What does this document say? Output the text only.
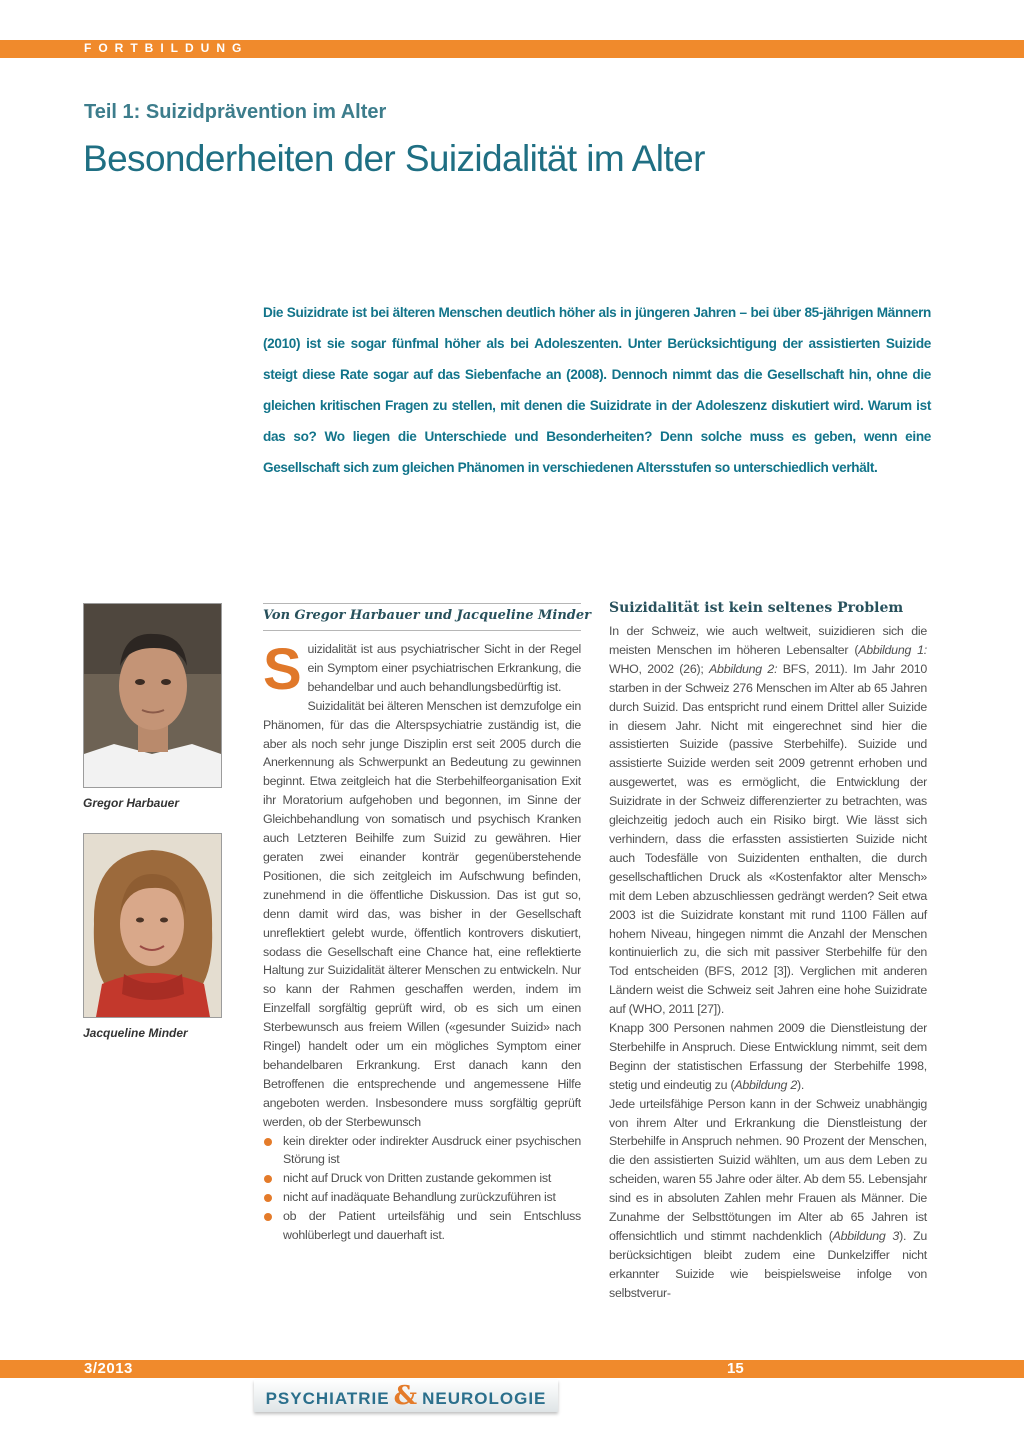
FORTBILDUNG
Teil 1: Suizidprävention im Alter
Besonderheiten der Suizidalität im Alter

Die Suizidrate ist bei älteren Menschen deutlich höher als in jüngeren Jahren – bei über 85-jährigen Männern (2010) ist sie sogar fünfmal höher als bei Adoleszenten. Unter Berücksichtigung der assistierten Suizide steigt diese Rate sogar auf das Siebenfache an (2008). Dennoch nimmt das die Gesellschaft hin, ohne die gleichen kritischen Fragen zu stellen, mit denen die Suizidrate in der Adoleszenz diskutiert wird. Warum ist das so? Wo liegen die Unterschiede und Besonderheiten? Denn solche muss es geben, wenn eine Gesellschaft sich zum gleichen Phänomen in verschiedenen Altersstufen so unterschiedlich verhält.

Gregor Harbauer

Jacqueline Minder

Von Gregor Harbauer und Jacqueline Minder

S uizidalität ist aus psychiatrischer Sicht in der Regel ein Symptom einer psychiatrischen Erkrankung, die behandelbar und auch behandlungsbedürftig ist.

Suizidalität bei älteren Menschen ist demzufolge ein Phänomen, für das die Alterspsychiatrie zuständig ist, die aber als noch sehr junge Disziplin erst seit 2005 durch die Anerkennung als Schwerpunkt an Bedeutung zu gewinnen beginnt. Etwa zeitgleich hat die Sterbehilfeorganisation Exit ihr Moratorium aufgehoben und begonnen, im Sinne der Gleichbehandlung von somatisch und psychisch Kranken auch Letzteren Beihilfe zum Suizid zu gewähren. Hier geraten zwei einander konträr gegenüberstehende Positionen, die sich zeitgleich im Aufschwung befinden, zunehmend in die öffentliche Diskussion. Das ist gut so, denn damit wird das, was bisher in der Gesellschaft unreflektiert gelebt wurde, öffentlich kontrovers diskutiert, sodass die Gesellschaft eine Chance hat, eine reflektierte Haltung zur Suizidalität älterer Menschen zu entwickeln. Nur so kann der Rahmen geschaffen werden, indem im Einzelfall sorgfältig geprüft wird, ob es sich um einen Sterbewunsch aus freiem Willen («gesunder Suizid» nach Ringel) handelt oder um ein mögliches Symptom einer behandelbaren Erkrankung. Erst danach kann den Betroffenen die entsprechende und angemessene Hilfe angeboten werden. Insbesondere muss sorgfältig geprüft werden, ob der Sterbewunsch

kein direkter oder indirekter Ausdruck einer psychischen Störung ist
nicht auf Druck von Dritten zustande gekommen ist
nicht auf inadäquate Behandlung zurückzuführen ist
ob der Patient urteilsfähig und sein Entschluss wohlüberlegt und dauerhaft ist.
Suizidalität ist kein seltenes Problem

In der Schweiz, wie auch weltweit, suizidieren sich die meisten Menschen im höheren Lebensalter (Abbildung 1: WHO, 2002 (26); Abbildung 2: BFS, 2011). Im Jahr 2010 starben in der Schweiz 276 Menschen im Alter ab 65 Jahren durch Suizid. Das entspricht rund einem Drittel aller Suizide in diesem Jahr. Nicht mit eingerechnet sind hier die assistierten Suizide (passive Sterbehilfe). Suizide und assistierte Suizide werden seit 2009 getrennt erhoben und ausgewertet, was es ermöglicht, die Entwicklung der Suizidrate in der Schweiz differenzierter zu betrachten, was gleichzeitig jedoch auch ein Risiko birgt. Wie lässt sich verhindern, dass die erfassten assistierten Suizide nicht auch Todesfälle von Suizidenten enthalten, die durch gesellschaftlichen Druck als «Kostenfaktor alter Mensch» mit dem Leben abzuschliessen gedrängt werden? Seit etwa 2003 ist die Suizidrate konstant mit rund 1100 Fällen auf hohem Niveau, hingegen nimmt die Anzahl der Menschen kontinuierlich zu, die sich mit passiver Sterbehilfe für den Tod entscheiden (BFS, 2012 [3]). Verglichen mit anderen Ländern weist die Schweiz seit Jahren eine hohe Suizidrate auf (WHO, 2011 [27]).

Knapp 300 Personen nahmen 2009 die Dienstleistung der Sterbehilfe in Anspruch. Diese Entwicklung nimmt, seit dem Beginn der statistischen Erfassung der Sterbehilfe 1998, stetig und eindeutig zu (Abbildung 2).

Jede urteilsfähige Person kann in der Schweiz unabhängig von ihrem Alter und Erkrankung die Dienstleistung der Sterbehilfe in Anspruch nehmen. 90 Prozent der Menschen, die den assistierten Suizid wählten, um aus dem Leben zu scheiden, waren 55 Jahre oder älter. Ab dem 55. Lebensjahr sind es in absoluten Zahlen mehr Frauen als Männer. Die Zunahme der Selbsttötungen im Alter ab 65 Jahren ist offensichtlich und stimmt nachdenklich (Abbildung 3). Zu berücksichtigen bleibt zudem eine Dunkelziffer nicht erkannter Suizide wie beispielsweise infolge von selbstverur-

3/2013	15
PSYCHIATRIE & NEUROLOGIE
